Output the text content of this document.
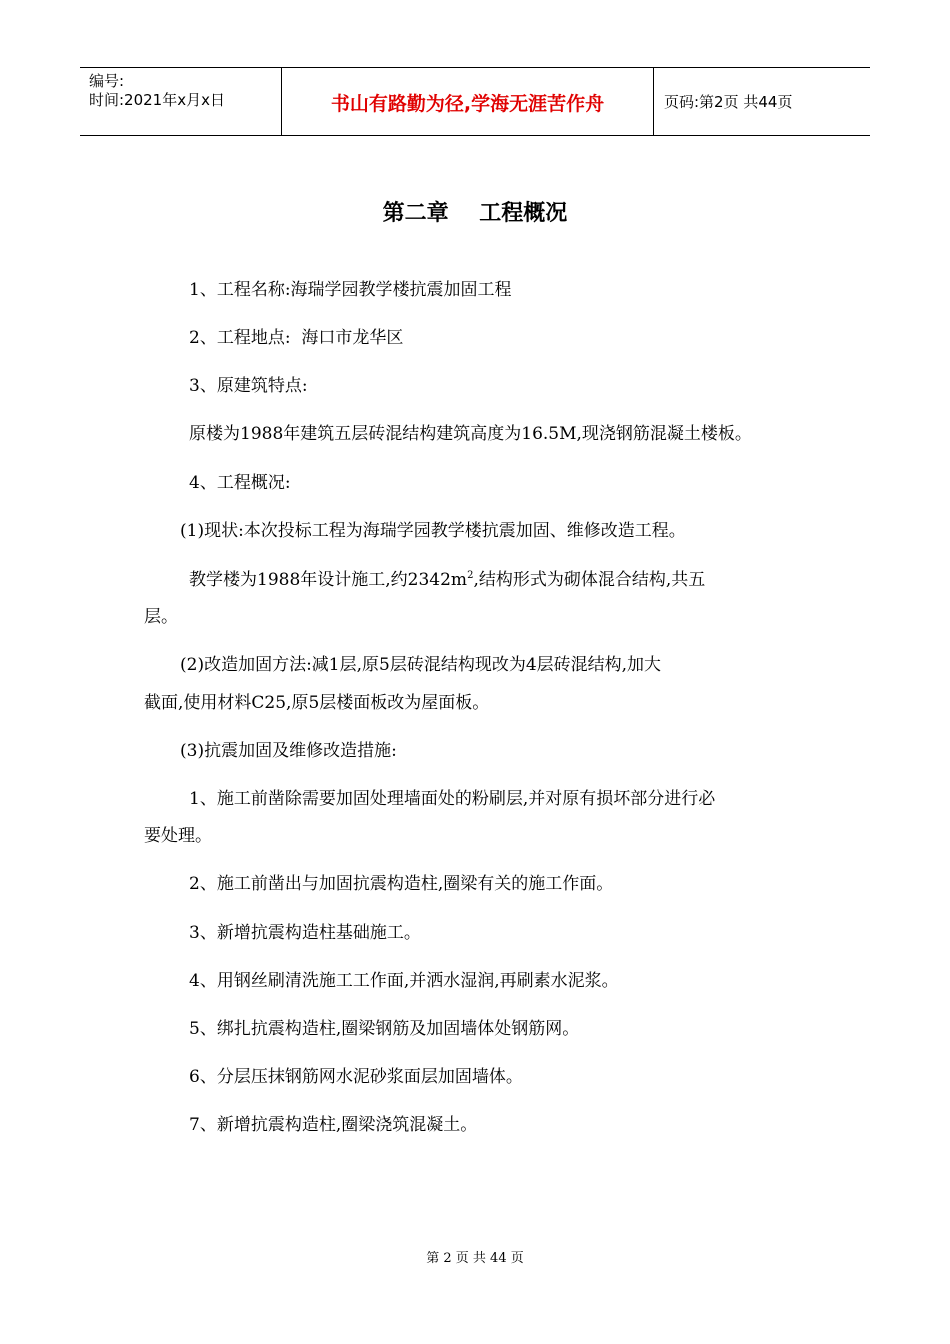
编号:
时间:2021年x月x日	书山有路勤为径,学海无涯苦作舟	页码:第2页 共44页
第二章    工程概况
1、工程名称:海瑞学园教学楼抗震加固工程
2、工程地点:  海口市龙华区
3、原建筑特点:
原楼为1988年建筑五层砖混结构建筑高度为16.5M,现浇钢筋混凝土楼板。
4、工程概况:
(1)现状:本次投标工程为海瑞学园教学楼抗震加固、维修改造工程。
教学楼为1988年设计施工,约$2342m^2$,结构形式为砌体混合结构,共五
层。
(2)改造加固方法:减1层,原5层砖混结构现改为4层砖混结构,加大
截面,使用材料C25,原5层楼面板改为屋面板。
(3)抗震加固及维修改造措施:
1、施工前凿除需要加固处理墙面处的粉刷层,并对原有损坏部分进行必
要处理。
2、施工前凿出与加固抗震构造柱,圈梁有关的施工作面。
3、新增抗震构造柱基础施工。
4、用钢丝刷清洗施工工作面,并洒水湿润,再刷素水泥浆。
5、绑扎抗震构造柱,圈梁钢筋及加固墙体处钢筋网。
6、分层压抹钢筋网水泥砂浆面层加固墙体。
7、新增抗震构造柱,圈梁浇筑混凝土。
第 2 页 共 44 页
